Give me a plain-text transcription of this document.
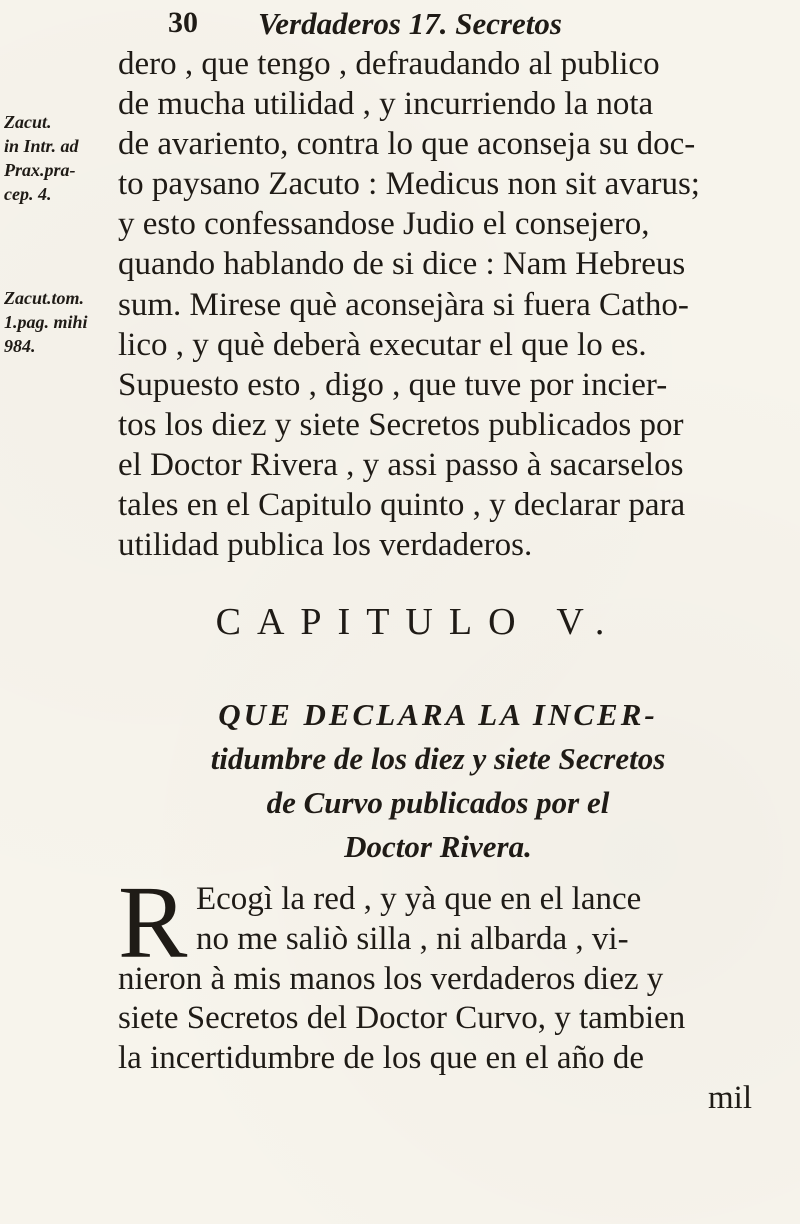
30 Verdaderos 17. Secretos
Zacut.
in Intr. ad
Prax.pra-
cep. 4.
Zacut.tom. 1.pag. mihi 984.
dero , que tengo , defraudando al publico
de mucha utilidad , y incurriendo la nota
de avariento, contra lo que aconseja su doc-
to paysano Zacuto : Medicus non sit avarus;
y esto confessandose Judio el consejero,
quando hablando de si dice : Nam Hebreus
sum. Mirese què aconsejàra si fuera Catho-
lico , y què deberà executar el que lo es.
Supuesto esto , digo , que tuve por incier-
tos los diez y siete Secretos publicados por
el Doctor Rivera , y assi passo à sacarselos
tales en el Capitulo quinto , y declarar para
utilidad publica los verdaderos.
CAPITULO V.
QUE DECLARA LA INCER-
tidumbre de los diez y siete Secretos
de Curvo publicados por el
Doctor Rivera.
R Ecogì la red , y yà que en el lance
no me saliò silla , ni albarda , vi-
nieron à mis manos los verdaderos diez y
siete Secretos del Doctor Curvo, y tambien
la incertidumbre de los que en el año de
mil
